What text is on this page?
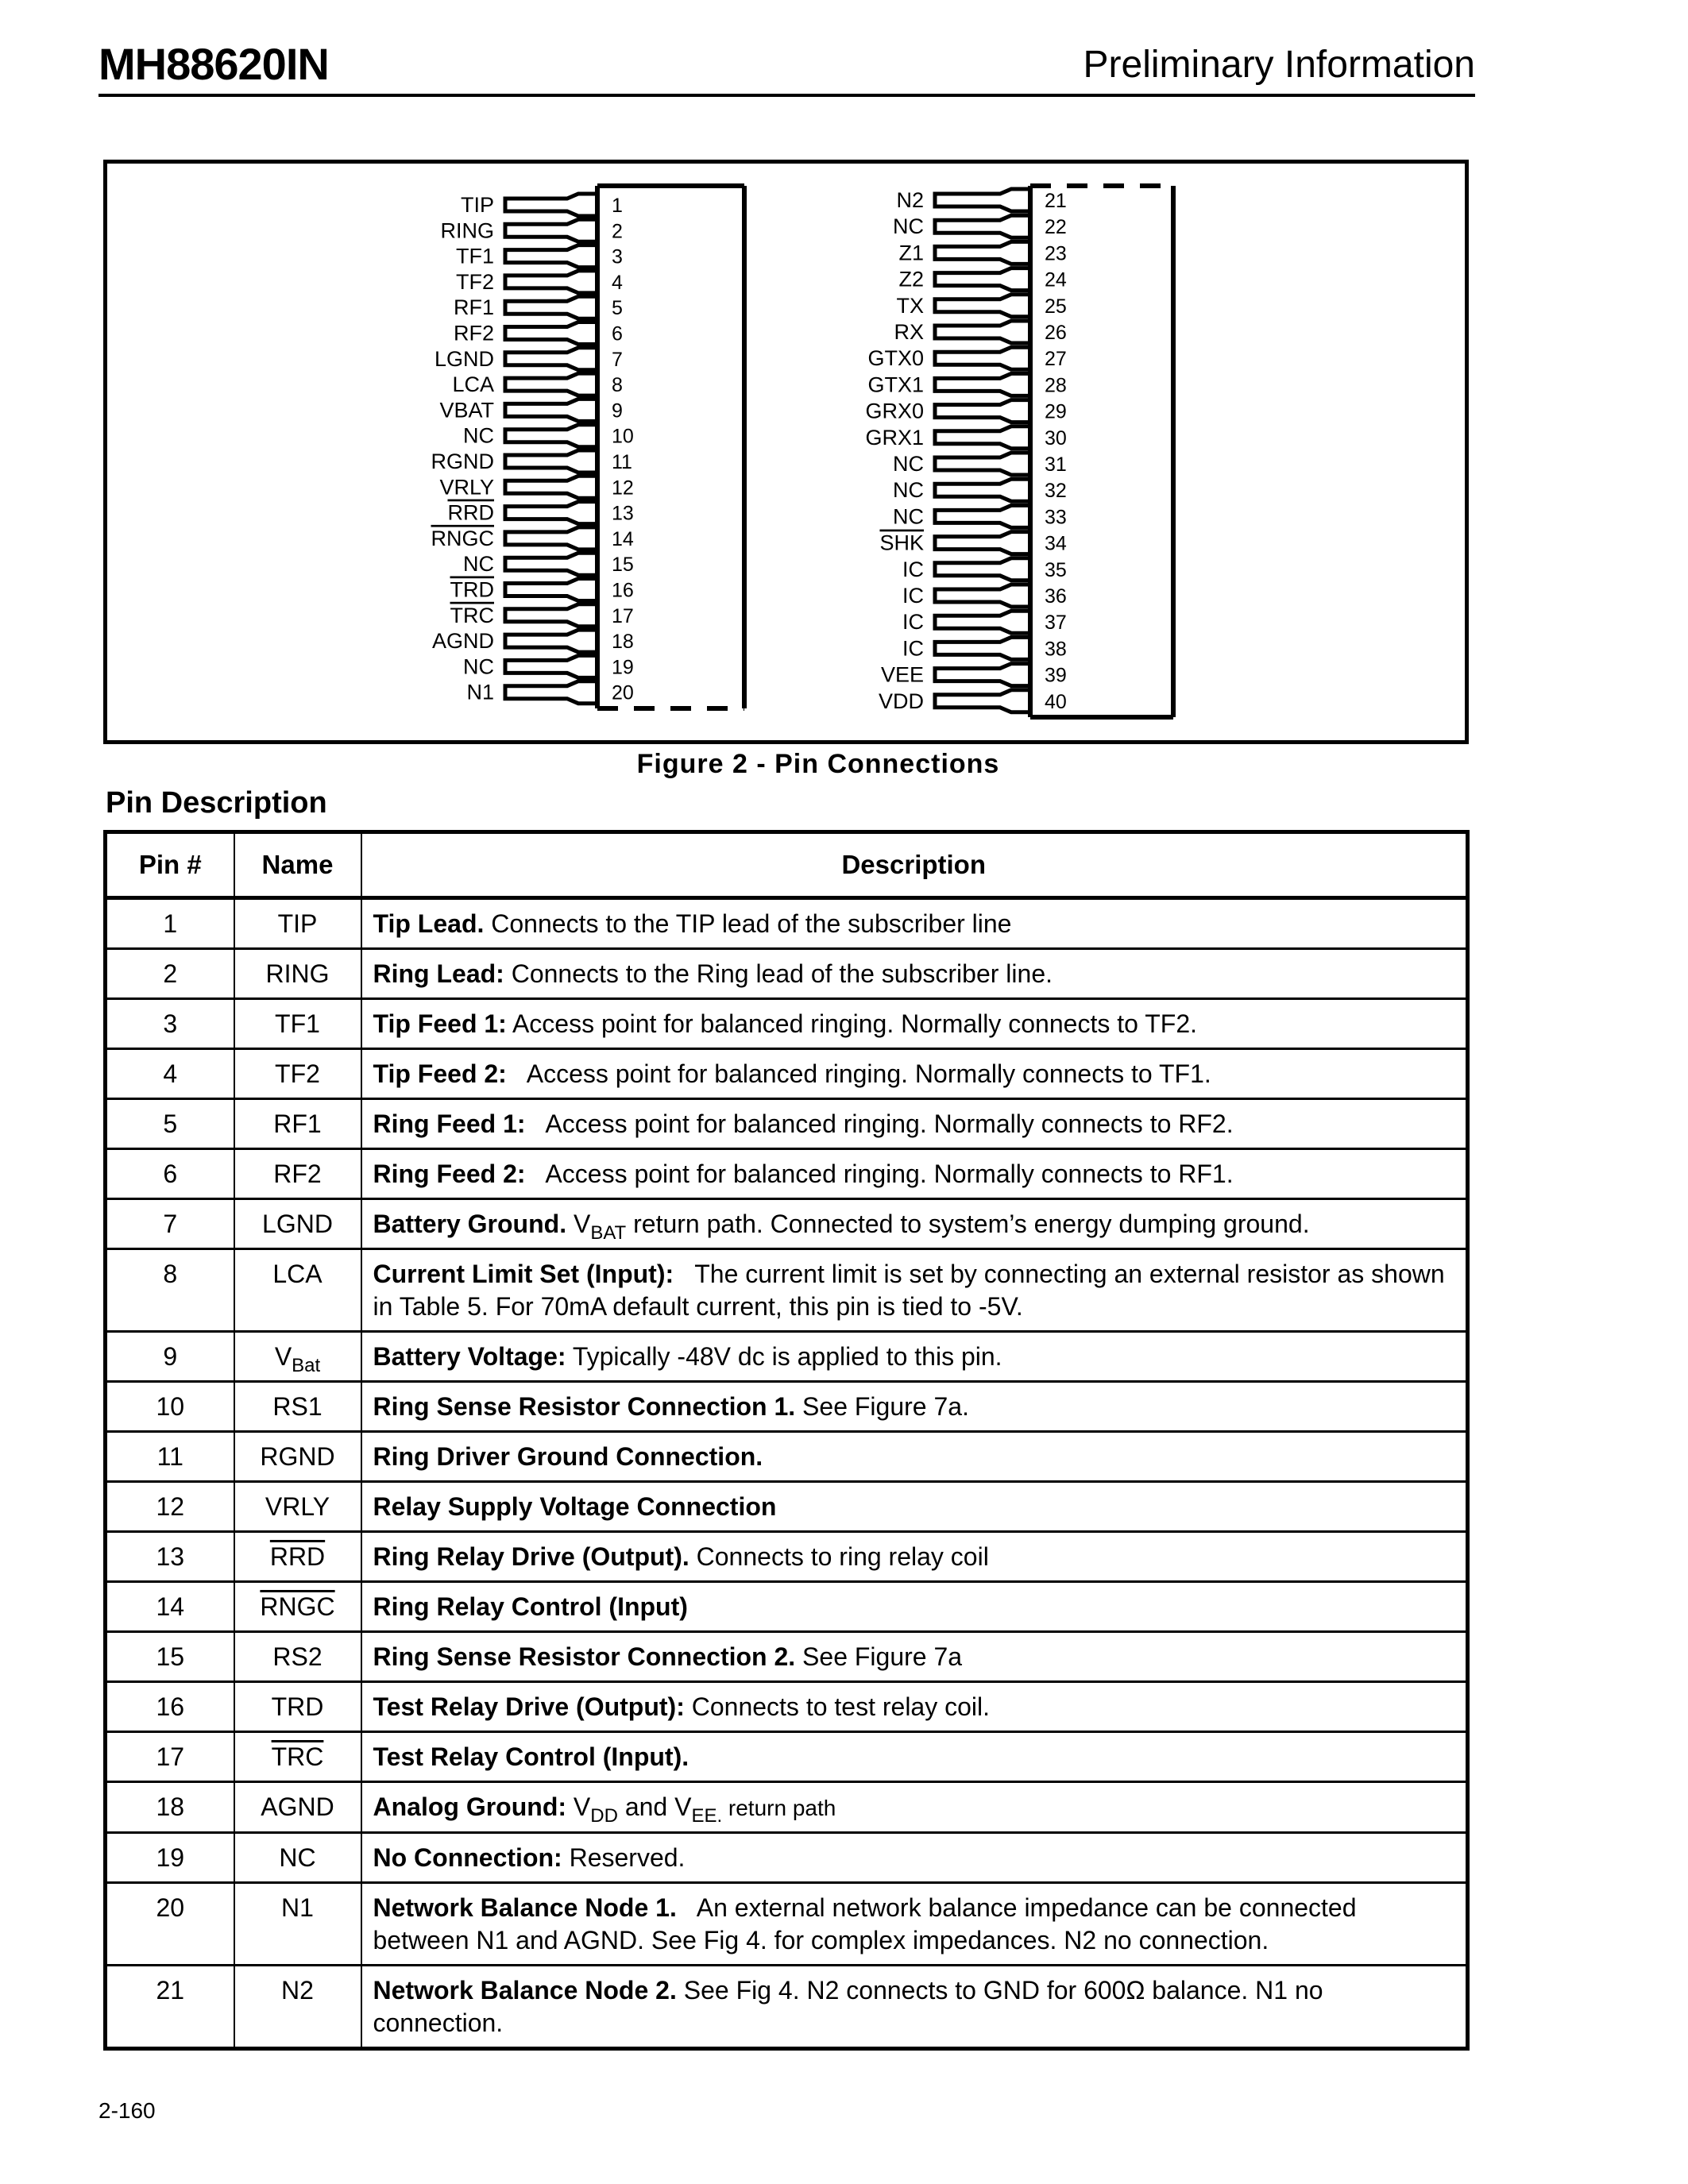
MH88620IN	Preliminary Information
TIP	1
RING	2
TF1	3
TF2	4
RF1	5
RF2	6
LGND	7
LCA	8
VBAT	9
NC	10
RGND	11
VRLY	12
RRD	13
RNGC	14
NC	15
TRD	16
TRC	17
AGND	18
NC	19
N1	20
N2	21
NC	22
Z1	23
Z2	24
TX	25
RX	26
GTX0	27
GTX1	28
GRX0	29
GRX1	30
NC	31
NC	32
NC	33
SHK	34
IC	35
IC	36
IC	37
IC	38
VEE	39
VDD	40
Figure 2 - Pin Connections
Pin Description
Pin #	Name	Description
1	TIP	Tip Lead. Connects to the TIP lead of the subscriber line
2	RING	Ring Lead: Connects to the Ring lead of the subscriber line.
3	TF1	Tip Feed 1: Access point for balanced ringing. Normally connects to TF2.
4	TF2	Tip Feed 2:   Access point for balanced ringing. Normally connects to TF1.
5	RF1	Ring Feed 1:   Access point for balanced ringing. Normally connects to RF2.
6	RF2	Ring Feed 2:   Access point for balanced ringing. Normally connects to RF1.
7	LGND	Battery Ground. $V_{BAT}$ return path. Connected to system’s energy dumping ground.
8	LCA	Current Limit Set (Input):   The current limit is set by connecting an external resistor as shown in Table 5. For 70mA default current, this pin is tied to -5V.
9	$V_{Bat}$	Battery Voltage: Typically -48V dc is applied to this pin.
10	RS1	Ring Sense Resistor Connection 1. See Figure 7a.
11	RGND	Ring Driver Ground Connection.
12	VRLY	Relay Supply Voltage Connection
13	$\overline{RRD}$	Ring Relay Drive (Output). Connects to ring relay coil
14	RNGC	Ring Relay Control (Input)
15	RS2	Ring Sense Resistor Connection 2. See Figure 7a
16	TRD	Test Relay Drive (Output): Connects to test relay coil.
17	$\overline{TRC}$	Test Relay Control (Input).
18	AGND	Analog Ground: $V_{DD}$ and $V_{EE.}$ return path
19	NC	No Connection: Reserved.
20	N1	Network Balance Node 1.   An external network balance impedance can be connected between N1 and AGND. See Fig 4. for complex impedances. N2 no connection.
21	N2	Network Balance Node 2. See Fig 4. N2 connects to GND for 600Ω balance. N1 no connection.
2-160
